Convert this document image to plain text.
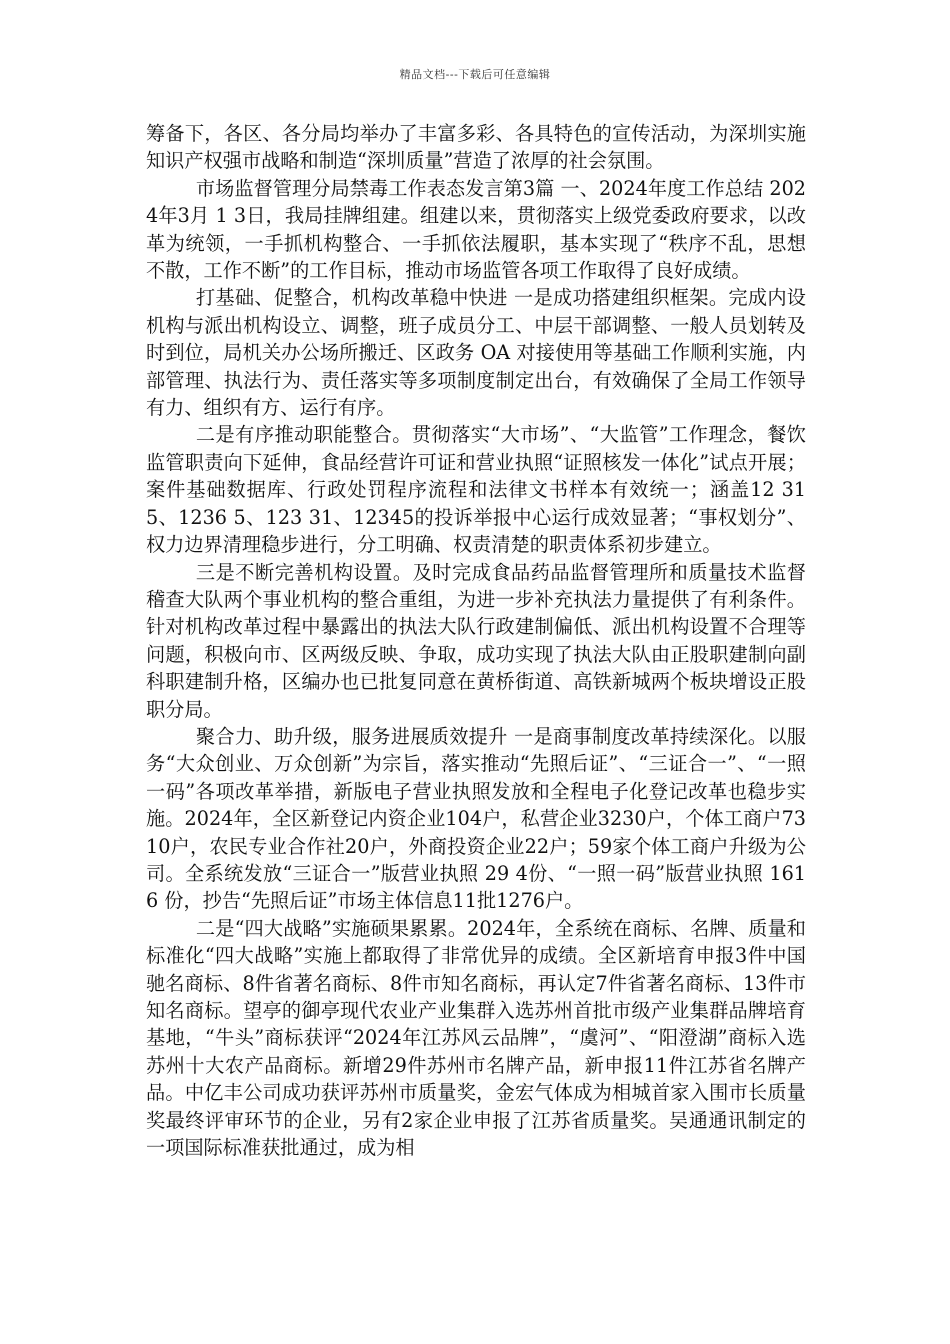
精品文档---下载后可任意编辑

筹备下，各区、各分局均举办了丰富多彩、各具特色的宣传活动，为深圳实施知识产权强市战略和制造“深圳质量”营造了浓厚的社会氛围。

市场监督管理分局禁毒工作表态发言第3篇 一、2024年度工作总结 2024年3月 1 3日，我局挂牌组建。组建以来，贯彻落实上级党委政府要求，以改革为统领，一手抓机构整合、一手抓依法履职，基本实现了“秩序不乱，思想不散，工作不断”的工作目标，推动市场监管各项工作取得了良好成绩。

打基础、促整合，机构改革稳中快进 一是成功搭建组织框架。完成内设机构与派出机构设立、调整，班子成员分工、中层干部调整、一般人员划转及时到位，局机关办公场所搬迁、区政务 OA 对接使用等基础工作顺利实施，内部管理、执法行为、责任落实等多项制度制定出台，有效确保了全局工作领导有力、组织有方、运行有序。

二是有序推动职能整合。贯彻落实“大市场”、“大监管”工作理念，餐饮监管职责向下延伸，食品经营许可证和营业执照“证照核发一体化”试点开展；案件基础数据库、行政处罚程序流程和法律文书样本有效统一；涵盖12 315、1236 5、123 31、12345的投诉举报中心运行成效显著；“事权划分”、权力边界清理稳步进行，分工明确、权责清楚的职责体系初步建立。

三是不断完善机构设置。及时完成食品药品监督管理所和质量技术监督稽查大队两个事业机构的整合重组，为进一步补充执法力量提供了有利条件。针对机构改革过程中暴露出的执法大队行政建制偏低、派出机构设置不合理等问题，积极向市、区两级反映、争取，成功实现了执法大队由正股职建制向副科职建制升格，区编办也已批复同意在黄桥街道、高铁新城两个板块增设正股职分局。

聚合力、助升级，服务进展质效提升 一是商事制度改革持续深化。以服务“大众创业、万众创新”为宗旨，落实推动“先照后证”、“三证合一”、“一照一码”各项改革举措，新版电子营业执照发放和全程电子化登记改革也稳步实施。2024年，全区新登记内资企业104户，私营企业3230户，个体工商户7310户，农民专业合作社20户，外商投资企业22户；59家个体工商户升级为公司。全系统发放“三证合一”版营业执照 29 4份、“一照一码”版营业执照 1616 份，抄告“先照后证”市场主体信息11批1276户。

二是“四大战略”实施硕果累累。2024年，全系统在商标、名牌、质量和标准化“四大战略”实施上都取得了非常优异的成绩。全区新培育申报3件中国驰名商标、8件省著名商标、8件市知名商标，再认定7件省著名商标、13件市知名商标。望亭的御亭现代农业产业集群入选苏州首批市级产业集群品牌培育基地，“牛头”商标获评“2024年江苏风云品牌”，“虞河”、“阳澄湖”商标入选苏州十大农产品商标。新增29件苏州市名牌产品，新申报11件江苏省名牌产品。中亿丰公司成功获评苏州市质量奖，金宏气体成为相城首家入围市长质量奖最终评审环节的企业，另有2家企业申报了江苏省质量奖。吴通通讯制定的一项国际标准获批通过，成为相
